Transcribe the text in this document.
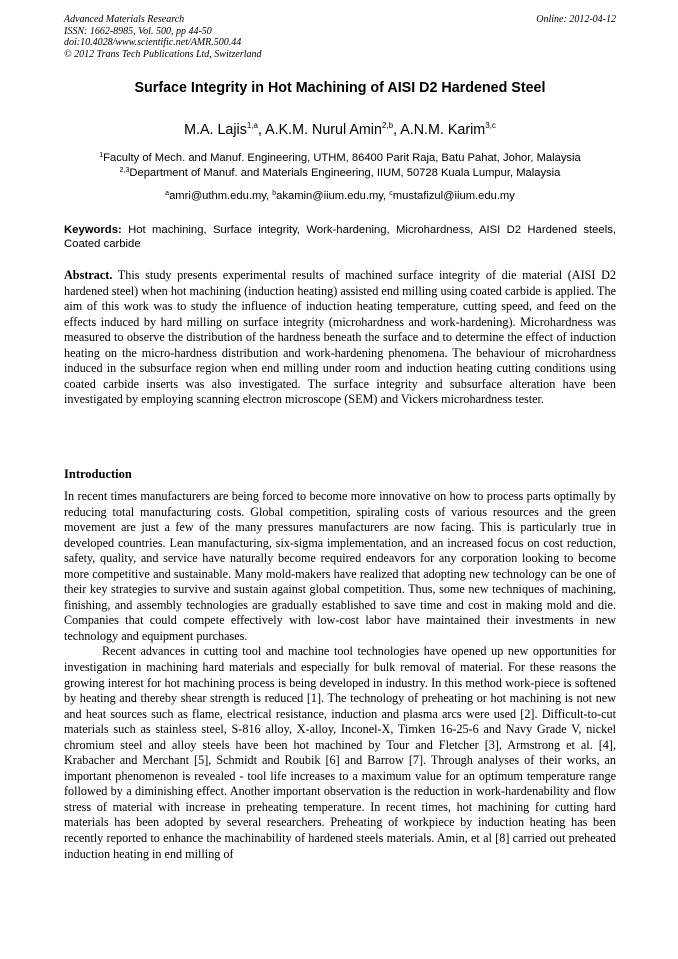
Advanced Materials Research
ISSN: 1662-8985, Vol. 500, pp 44-50
doi:10.4028/www.scientific.net/AMR.500.44
© 2012 Trans Tech Publications Ltd, Switzerland
Online: 2012-04-12
Surface Integrity in Hot Machining of AISI D2 Hardened Steel
M.A. Lajis$^{1,a}$, A.K.M. Nurul Amin$^{2,b}$, A.N.M. Karim$^{3,c}$
$^1$Faculty of Mech. and Manuf. Engineering, UTHM, 86400 Parit Raja, Batu Pahat, Johor, Malaysia
$^{2,3}$Department of Manuf. and Materials Engineering, IIUM, 50728 Kuala Lumpur, Malaysia
$^a$amri@uthm.edu.my, $^b$akamin@iium.edu.my, $^c$mustafizul@iium.edu.my
Keywords: Hot machining, Surface integrity, Work-hardening, Microhardness, AISI D2 Hardened steels, Coated carbide

Abstract. This study presents experimental results of machined surface integrity of die material (AISI D2 hardened steel) when hot machining (induction heating) assisted end milling using coated carbide is applied. The aim of this work was to study the influence of induction heating temperature, cutting speed, and feed on the effects induced by hard milling on surface integrity (microhardness and work-hardening). Microhardness was measured to observe the distribution of the hardness beneath the surface and to determine the effect of induction heating on the micro-hardness distribution and work-hardening phenomena. The behaviour of microhardness induced in the subsurface region when end milling under room and induction heating cutting conditions using coated carbide inserts was also investigated. The surface integrity and subsurface alteration have been investigated by employing scanning electron microscope (SEM) and Vickers microhardness tester.

Introduction

In recent times manufacturers are being forced to become more innovative on how to process parts optimally by reducing total manufacturing costs. Global competition, spiraling costs of various resources and the green movement are just a few of the many pressures manufacturers are now facing. This is particularly true in developed countries. Lean manufacturing, six-sigma implementation, and an increased focus on cost reduction, safety, quality, and service have naturally become required endeavors for any corporation looking to become more competitive and sustainable. Many mold-makers have realized that adopting new technology can be one of their key strategies to survive and sustain against global competition. Thus, some new techniques of machining, finishing, and assembly technologies are gradually established to save time and cost in making mold and die. Companies that could compete effectively with low-cost labor have maintained their investments in new technology and equipment purchases.

Recent advances in cutting tool and machine tool technologies have opened up new opportunities for investigation in machining hard materials and especially for bulk removal of material. For these reasons the growing interest for hot machining process is being developed in industry. In this method work-piece is softened by heating and thereby shear strength is reduced [1]. The technology of preheating or hot machining is not new and heat sources such as flame, electrical resistance, induction and plasma arcs were used [2]. Difficult-to-cut materials such as stainless steel, S-816 alloy, X-alloy, Inconel-X, Timken 16-25-6 and Navy Grade V, nickel chromium steel and alloy steels have been hot machined by Tour and Fletcher [3], Armstrong et al. [4], Krabacher and Merchant [5], Schmidt and Roubik [6] and Barrow [7]. Through analyses of their works, an important phenomenon is revealed - tool life increases to a maximum value for an optimum temperature range followed by a diminishing effect. Another important observation is the reduction in work-hardenability and flow stress of material with increase in preheating temperature. In recent times, hot machining for cutting hard materials has been adopted by several researchers. Preheating of workpiece by induction heating has been recently reported to enhance the machinability of hardened steels materials. Amin, et al [8] carried out preheated induction heating in end milling of
